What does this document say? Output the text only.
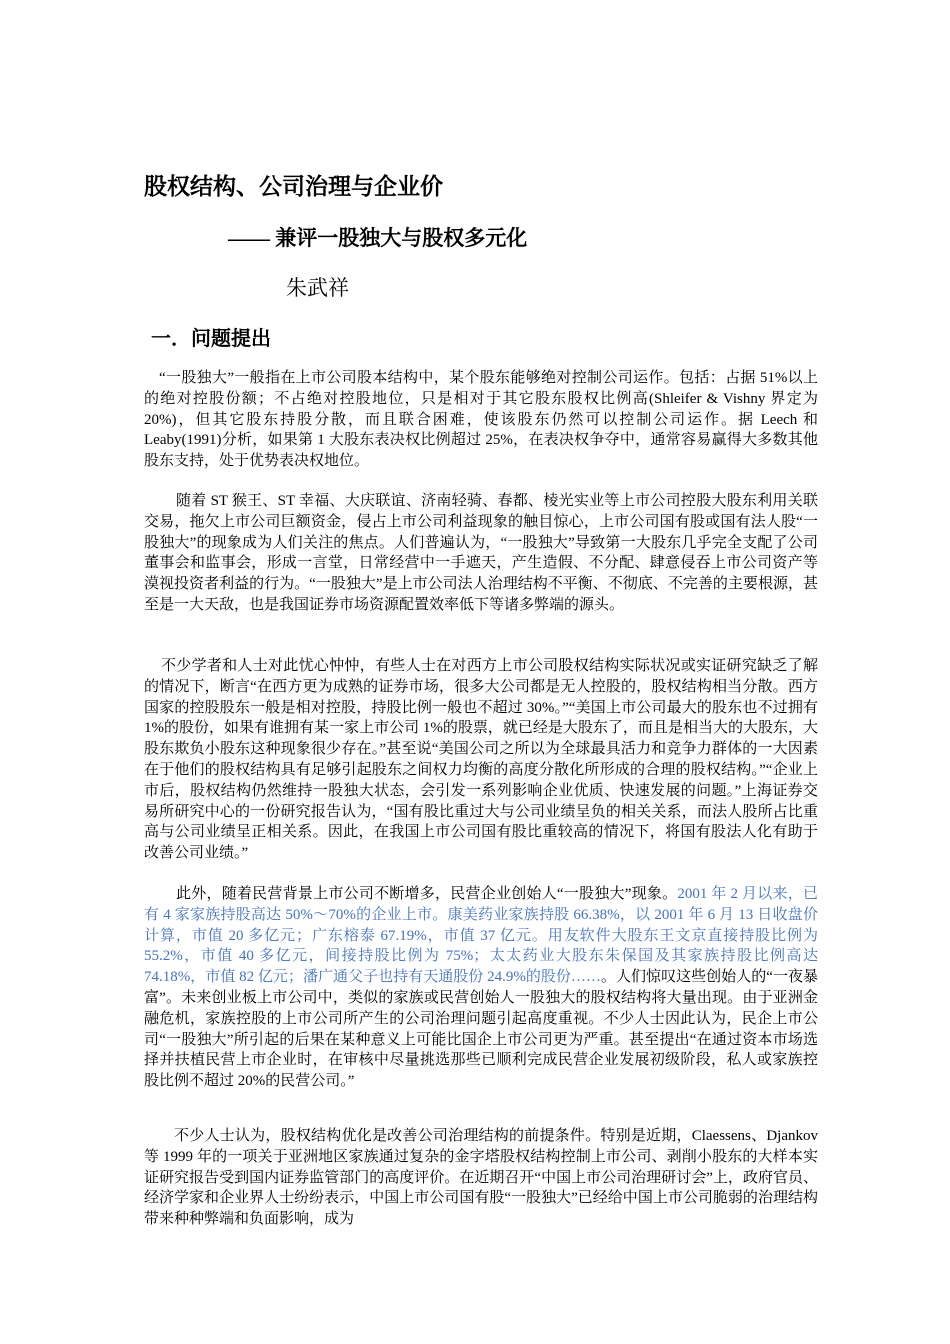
股权结构、公司治理与企业价
—— 兼评一股独大与股权多元化
朱武祥
一．问题提出

“一股独大”一般指在上市公司股本结构中，某个股东能够绝对控制公司运作。包括：占据 51%以上的绝对控股份额；不占绝对控股地位，只是相对于其它股东股权比例高(Shleifer & Vishny 界定为 20%)，但其它股东持股分散，而且联合困难，使该股东仍然可以控制公司运作。据 Leech 和 Leaby(1991)分析，如果第 1 大股东表决权比例超过 25%，在表决权争夺中，通常容易赢得大多数其他股东支持，处于优势表决权地位。

随着 ST 猴王、ST 幸福、大庆联谊、济南轻骑、春都、棱光实业等上市公司控股大股东利用关联交易，拖欠上市公司巨额资金，侵占上市公司利益现象的触目惊心，上市公司国有股或国有法人股“一股独大”的现象成为人们关注的焦点。人们普遍认为，“一股独大”导致第一大股东几乎完全支配了公司董事会和监事会，形成一言堂，日常经营中一手遮天，产生造假、不分配、肆意侵吞上市公司资产等漠视投资者利益的行为。“一股独大”是上市公司法人治理结构不平衡、不彻底、不完善的主要根源，甚至是一大天敌，也是我国证券市场资源配置效率低下等诸多弊端的源头。

不少学者和人士对此忧心忡忡，有些人士在对西方上市公司股权结构实际状况或实证研究缺乏了解的情况下，断言“在西方更为成熟的证券市场，很多大公司都是无人控股的，股权结构相当分散。西方国家的控股股东一般是相对控股，持股比例一般也不超过 30%。”“美国上市公司最大的股东也不过拥有 1%的股份，如果有谁拥有某一家上市公司 1%的股票，就已经是大股东了，而且是相当大的大股东，大股东欺负小股东这种现象很少存在。”甚至说“美国公司之所以为全球最具活力和竞争力群体的一大因素在于他们的股权结构具有足够引起股东之间权力均衡的高度分散化所形成的合理的股权结构。”“企业上市后，股权结构仍然维持一股独大状态，会引发一系列影响企业优质、快速发展的问题。”上海证券交易所研究中心的一份研究报告认为，“国有股比重过大与公司业绩呈负的相关关系，而法人股所占比重高与公司业绩呈正相关系。因此，在我国上市公司国有股比重较高的情况下，将国有股法人化有助于改善公司业绩。”

此外，随着民营背景上市公司不断增多，民营企业创始人“一股独大”现象。2001 年 2 月以来，已有 4 家家族持股高达 50%～70%的企业上市。康美药业家族持股 66.38%，以 2001 年 6 月 13 日收盘价计算，市值 20 多亿元；广东榕泰 67.19%，市值 37 亿元。用友软件大股东王文京直接持股比例为 55.2%，市值 40 多亿元，间接持股比例为 75%；太太药业大股东朱保国及其家族持股比例高达 74.18%，市值 82 亿元；潘广通父子也持有天通股份 24.9%的股份……。人们惊叹这些创始人的“一夜暴富”。未来创业板上市公司中，类似的家族或民营创始人一股独大的股权结构将大量出现。由于亚洲金融危机，家族控股的上市公司所产生的公司治理问题引起高度重视。不少人士因此认为，民企上市公司“一股独大”所引起的后果在某种意义上可能比国企上市公司更为严重。甚至提出“在通过资本市场选择并扶植民营上市企业时，在审核中尽量挑选那些已顺利完成民营企业发展初级阶段，私人或家族控股比例不超过 20%的民营公司。”

不少人士认为，股权结构优化是改善公司治理结构的前提条件。特别是近期，Claessens、Djankov 等 1999 年的一项关于亚洲地区家族通过复杂的金字塔股权结构控制上市公司、剥削小股东的大样本实证研究报告受到国内证券监管部门的高度评价。在近期召开“中国上市公司治理研讨会”上，政府官员、经济学家和企业界人士纷纷表示，中国上市公司国有股“一股独大”已经给中国上市公司脆弱的治理结构带来种种弊端和负面影响，成为
